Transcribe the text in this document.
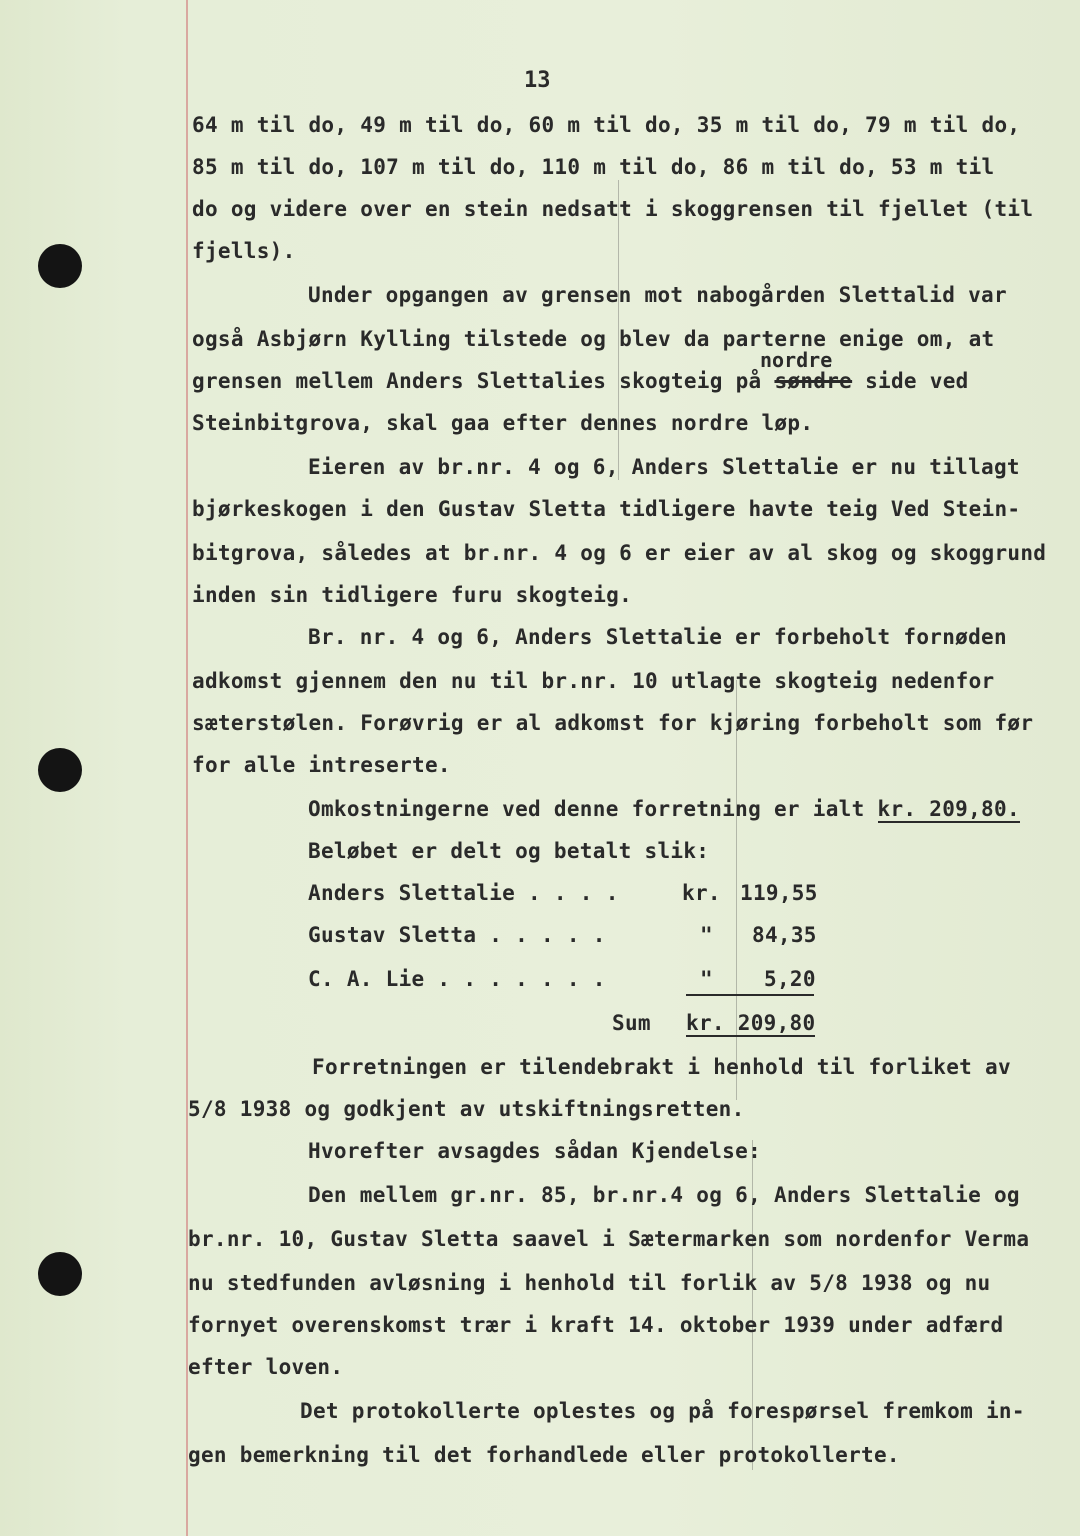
13
64 m til do, 49 m til do, 60 m til do, 35 m til do, 79 m til do,
85 m til do, 107 m til do, 110 m til do, 86 m til do, 53 m til
do og videre over en stein nedsatt i skoggrensen til fjellet (til
fjells).
Under opgangen av grensen mot nabogården Slettalid var
også Asbjørn Kylling tilstede og blev da parterne enige om, at
nordre
grensen mellem Anders Slettalies skogteig på søndre side ved
Steinbitgrova, skal gaa efter dennes nordre løp.
Eieren av br.nr. 4 og 6, Anders Slettalie er nu tillagt
bjørkeskogen i den Gustav Sletta tidligere havte teig Ved Stein-
bitgrova, således at br.nr. 4 og 6 er eier av al skog og skoggrund
inden sin tidligere furu skogteig.
Br. nr. 4 og 6, Anders Slettalie er forbeholt fornøden
adkomst gjennem den nu til br.nr. 10 utlagte skogteig nedenfor
sæterstølen. Forøvrig er al adkomst for kjøring forbeholt som før
for alle intreserte.
Omkostningerne ved denne forretning er ialt kr. 209,80.
Beløbet er delt og betalt slik:
Anders Slettalie . . . .	kr. 119,55
Gustav Sletta . . . . .	" 84,35
C. A. Lie . . . . . . .	" 5,20
Sum kr. 209,80
Forretningen er tilendebrakt i henhold til forliket av
5/8 1938 og godkjent av utskiftningsretten.
Hvorefter avsagdes sådan Kjendelse:
Den mellem gr.nr. 85, br.nr.4 og 6, Anders Slettalie og
br.nr. 10, Gustav Sletta saavel i Sætermarken som nordenfor Verma
nu stedfunden avløsning i henhold til forlik av 5/8 1938 og nu
fornyet overenskomst trær i kraft 14. oktober 1939 under adfærd
efter loven.
Det protokollerte oplestes og på forespørsel fremkom in-
gen bemerkning til det forhandlede eller protokollerte.
